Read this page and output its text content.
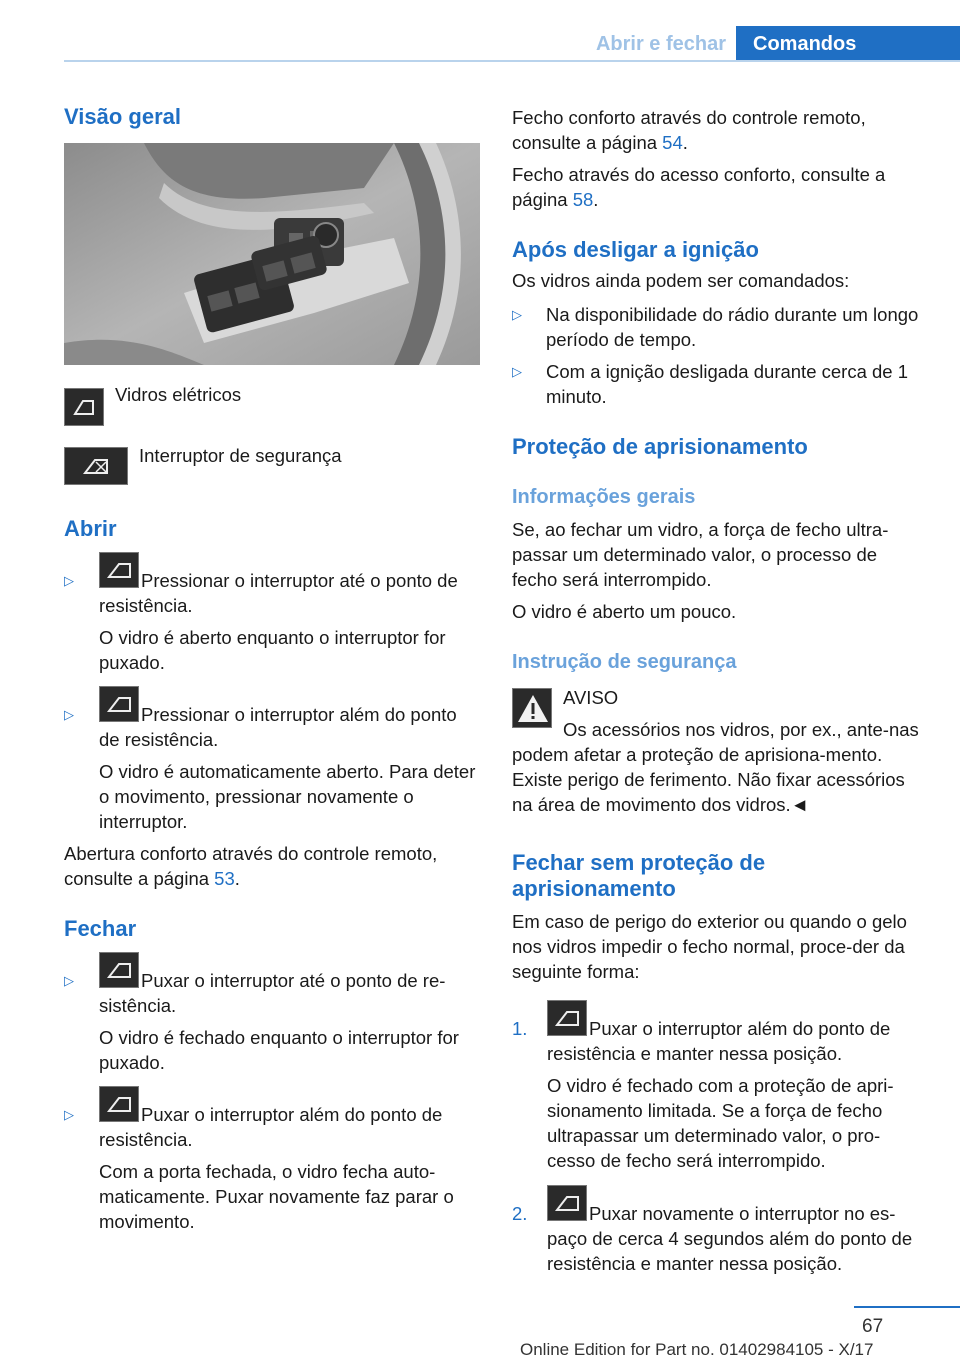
Abrir e fechar	Comandos
Visão geral
Vidros elétricos
Interruptor de segurança
Abrir
▷	Pressionar o interruptor até o ponto de resistência.
O vidro é aberto enquanto o interruptor for puxado.
▷	Pressionar o interruptor além do ponto de resistência.
O vidro é automaticamente aberto. Para deter o movimento, pressionar novamente o interruptor.
Abertura conforto através do controle remoto, consulte a página 53.
Fechar
▷	Puxar o interruptor até o ponto de re‐sistência.
O vidro é fechado enquanto o interruptor for puxado.
▷	Puxar o interruptor além do ponto de resistência.
Com a porta fechada, o vidro fecha auto‐maticamente. Puxar novamente faz parar o movimento.
Fecho conforto através do controle remoto, consulte a página 54.
Fecho através do acesso conforto, consulte a página 58.
Após desligar a ignição
Os vidros ainda podem ser comandados:
▷ Na disponibilidade do rádio durante um longo período de tempo.
▷ Com a ignição desligada durante cerca de 1 minuto.
Proteção de aprisionamento
Informações gerais
Se, ao fechar um vidro, a força de fecho ultra‐passar um determinado valor, o processo de fecho será interrompido.
O vidro é aberto um pouco.
Instrução de segurança
AVISO
Os acessórios nos vidros, por ex., ante‐nas podem afetar a proteção de aprisiona‐mento. Existe perigo de ferimento. Não fixar acessórios na área de movimento dos vidros.◄
Fechar sem proteção de aprisionamento
Em caso de perigo do exterior ou quando o gelo nos vidros impedir o fecho normal, proce‐der da seguinte forma:
1.	Puxar o interruptor além do ponto de resistência e manter nessa posição.
O vidro é fechado com a proteção de apri‐sionamento limitada. Se a força de fecho ultrapassar um determinado valor, o pro‐cesso de fecho será interrompido.
2.	Puxar novamente o interruptor no es‐paço de cerca 4 segundos além do ponto de resistência e manter nessa posição.
67
Online Edition for Part no. 01402984105 - X/17
